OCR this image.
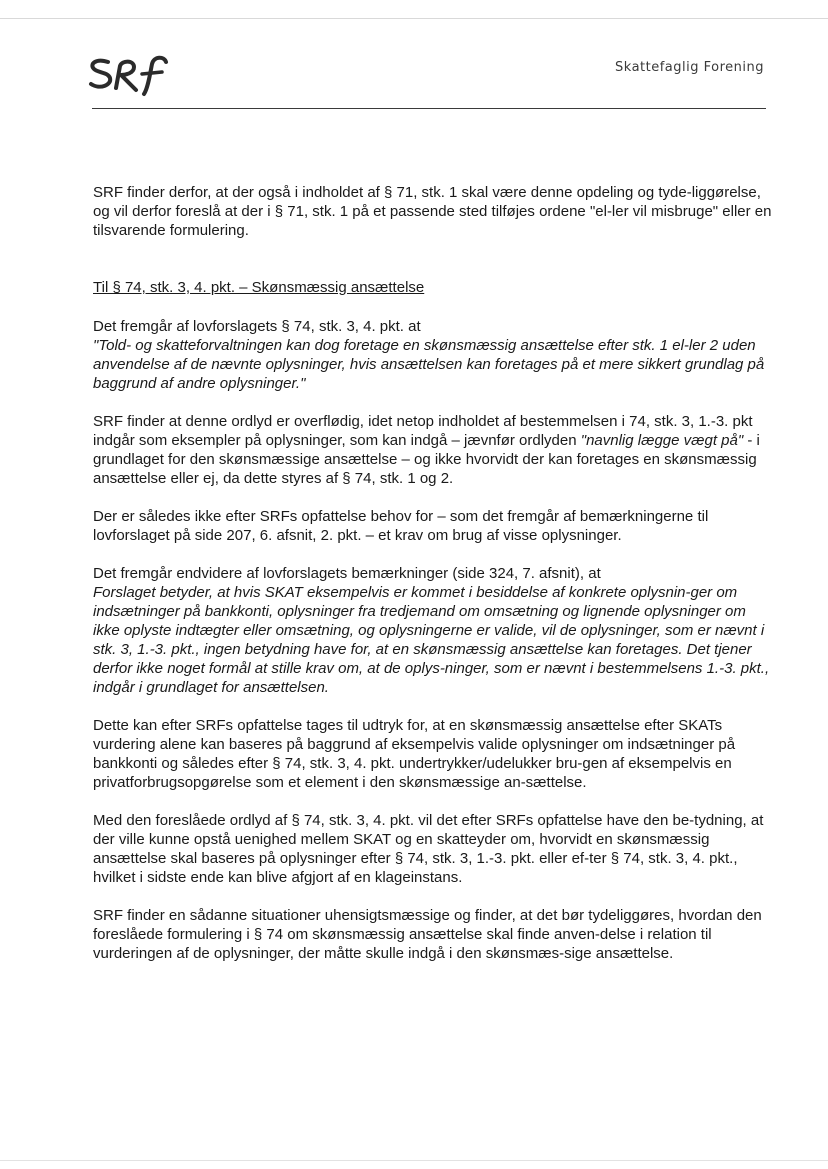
Skattefaglig Forening

SRF finder derfor, at der også i indholdet af § 71, stk. 1 skal være denne opdeling og tyde-liggørelse, og vil derfor foreslå at der i § 71, stk. 1 på et passende sted tilføjes ordene "el-ler vil misbruge" eller en tilsvarende formulering.

Til § 74, stk. 3, 4. pkt. – Skønsmæssig ansættelse

Det fremgår af lovforslagets § 74, stk. 3, 4. pkt. at
"Told- og skatteforvaltningen kan dog foretage en skønsmæssig ansættelse efter stk. 1 el-ler 2 uden anvendelse af de nævnte oplysninger, hvis ansættelsen kan foretages på et mere sikkert grundlag på baggrund af andre oplysninger."

SRF finder at denne ordlyd er overflødig, idet netop indholdet af bestemmelsen i 74, stk. 3, 1.-3. pkt indgår som eksempler på oplysninger, som kan indgå – jævnfør ordlyden "navnlig lægge vægt på" - i grundlaget for den skønsmæssige ansættelse – og ikke hvorvidt der kan foretages en skønsmæssig ansættelse eller ej, da dette styres af § 74, stk. 1 og 2.

Der er således ikke efter SRFs opfattelse behov for – som det fremgår af bemærkningerne til lovforslaget på side 207, 6. afsnit, 2. pkt. – et krav om brug af visse oplysninger.

Det fremgår endvidere af lovforslagets bemærkninger (side 324, 7. afsnit), at
Forslaget betyder, at hvis SKAT eksempelvis er kommet i besiddelse af konkrete oplysnin-ger om indsætninger på bankkonti, oplysninger fra tredjemand om omsætning og lignende oplysninger om ikke oplyste indtægter eller omsætning, og oplysningerne er valide, vil de oplysninger, som er nævnt i stk. 3, 1.-3. pkt., ingen betydning have for, at en skønsmæssig ansættelse kan foretages. Det tjener derfor ikke noget formål at stille krav om, at de oplys-ninger, som er nævnt i bestemmelsens 1.-3. pkt., indgår i grundlaget for ansættelsen.

Dette kan efter SRFs opfattelse tages til udtryk for, at en skønsmæssig ansættelse efter SKATs vurdering alene kan baseres på baggrund af eksempelvis valide oplysninger om indsætninger på bankkonti og således efter § 74, stk. 3, 4. pkt. undertrykker/udelukker bru-gen af eksempelvis en privatforbrugsopgørelse som et element i den skønsmæssige an-sættelse.

Med den foreslåede ordlyd af § 74, stk. 3, 4. pkt. vil det efter SRFs opfattelse have den be-tydning, at der ville kunne opstå uenighed mellem SKAT og en skatteyder om, hvorvidt en skønsmæssig ansættelse skal baseres på oplysninger efter § 74, stk. 3, 1.-3. pkt. eller ef-ter § 74, stk. 3, 4. pkt., hvilket i sidste ende kan blive afgjort af en klageinstans.

SRF finder en sådanne situationer uhensigtsmæssige og finder, at det bør tydeliggøres, hvordan den foreslåede formulering i § 74 om skønsmæssig ansættelse skal finde anven-delse i relation til vurderingen af de oplysninger, der måtte skulle indgå i den skønsmæs-sige ansættelse.
